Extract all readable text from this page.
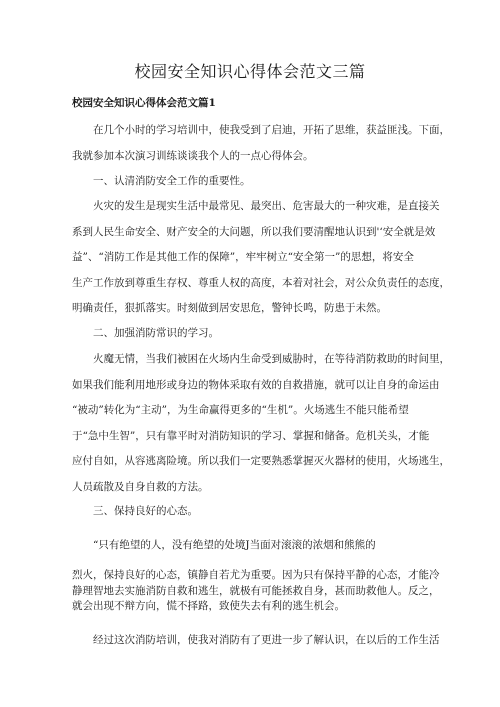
校园安全知识心得体会范文三篇
校园安全知识心得体会范文篇1
在几个小时的学习培训中，使我受到了启迪，开拓了思维，获益匪浅。下面，
我就参加本次演习训练谈谈我个人的一点心得体会。
一、认清消防安全工作的重要性。
火灾的发生是现实生活中最常见、最突出、危害最大的一种灾难，是直接关
系到人民生命安全、财产安全的大问题，所以我们要清醒地认识到'‘安全就是效
益”、“消防工作是其他工作的保障”，牢牢树立“安全第一”的思想，将安全
生产工作放到尊重生存权、尊重人权的高度，本着对社会，对公众负责任的态度，
明确责任，狠抓落实。时刻做到居安思危，警钟长鸣，防患于未然。
二、加强消防常识的学习。
火魔无情，当我们被困在火场内生命受到威胁时，在等待消防救助的时间里，
如果我们能利用地形或身边的物体采取有效的自救措施，就可以让自身的命运由
“被动”转化为“主动”，为生命赢得更多的“生机”。火场逃生不能只能希望
于“急中生智”，只有靠平时对消防知识的学习、掌握和储备。危机关头，才能
应付自如，从容逃离险境。所以我们一定要熟悉掌握灭火器材的使用，火场逃生，
人员疏散及自身自救的方法。
三、保持良好的心态。
“只有绝望的人，没有绝望的处境J当面对滚滚的浓烟和熊熊的
烈火，保持良好的心态，镇静自若尤为重要。因为只有保持平静的心态，才能冷
静理智地去实施消防自救和逃生，就极有可能拯救自身，甚而助救他人。反之，
就会出现不辩方向，慌不择路，致使失去有利的逃生机会。
经过这次消防培训，使我对消防有了更进一步了解认识，在以后的工作生活
